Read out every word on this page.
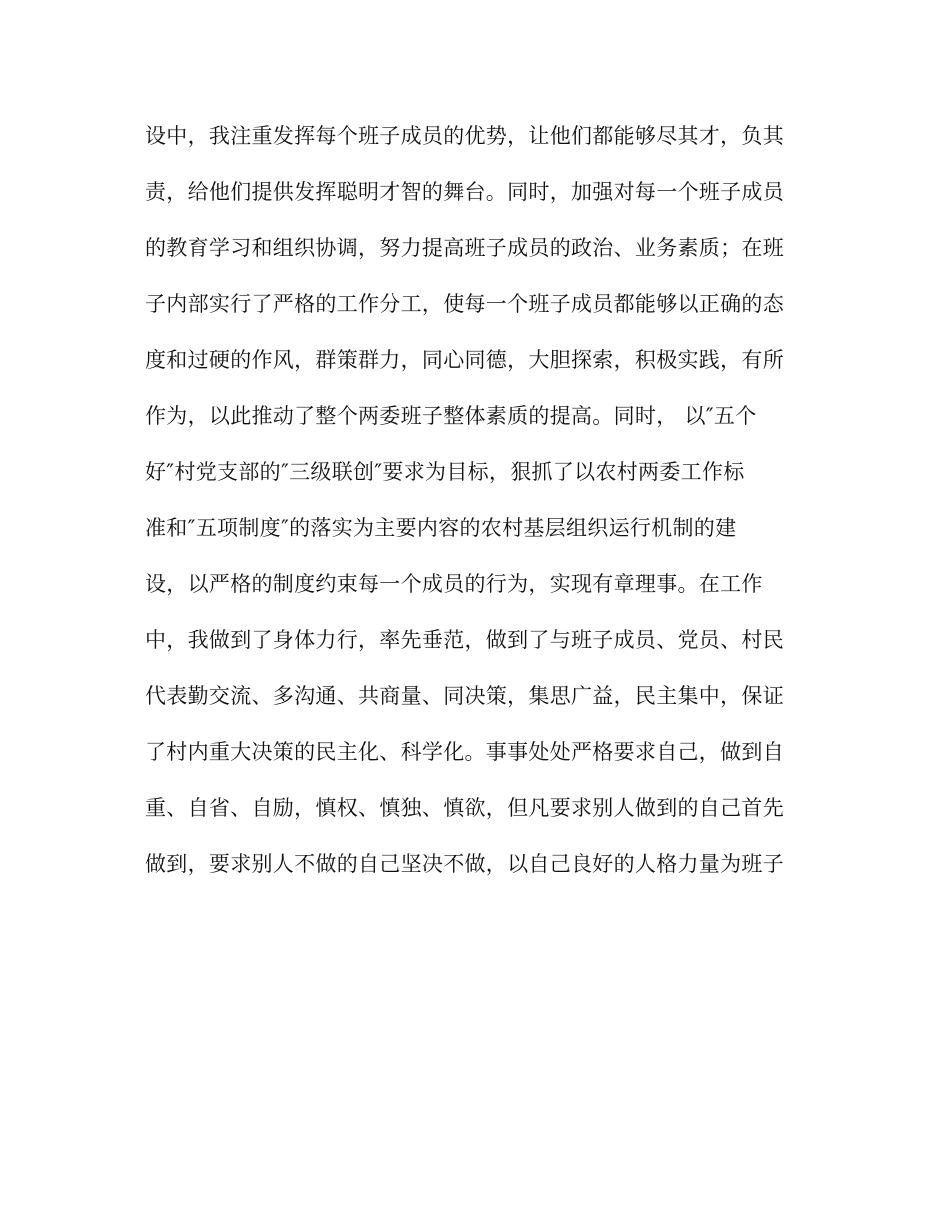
设中，我注重发挥每个班子成员的优势，让他们都能够尽其才，负其
责，给他们提供发挥聪明才智的舞台。同时，加强对每一个班子成员
的教育学习和组织协调，努力提高班子成员的政治、业务素质；在班
子内部实行了严格的工作分工，使每一个班子成员都能够以正确的态
度和过硬的作风，群策群力，同心同德，大胆探索，积极实践，有所
作为，以此推动了整个两委班子整体素质的提高。同时， 以″五个
好″村党支部的″三级联创″要求为目标，狠抓了以农村两委工作标
准和″五项制度″的落实为主要内容的农村基层组织运行机制的建
设，以严格的制度约束每一个成员的行为，实现有章理事。在工作
中，我做到了身体力行，率先垂范，做到了与班子成员、党员、村民
代表勤交流、多沟通、共商量、同决策，集思广益，民主集中，保证
了村内重大决策的民主化、科学化。事事处处严格要求自己，做到自
重、自省、自励，慎权、慎独、慎欲，但凡要求别人做到的自己首先
做到，要求别人不做的自己坚决不做，以自己良好的人格力量为班子
